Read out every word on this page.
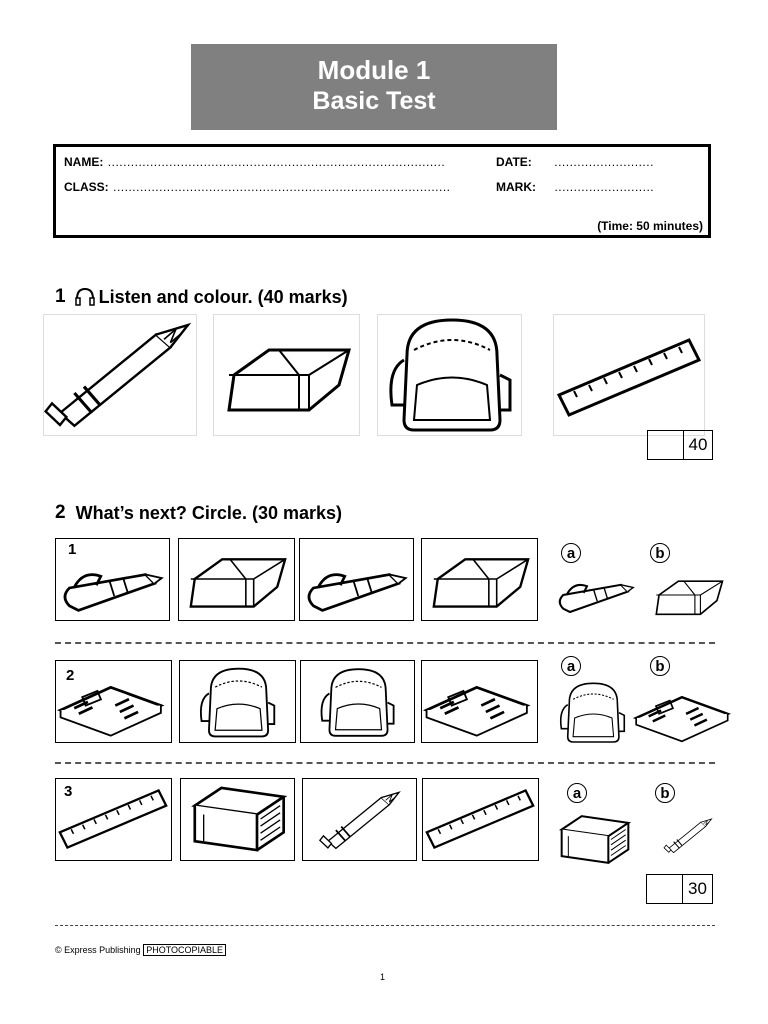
Module 1
Basic Test
NAME: ........................................................................................
CLASS: ........................................................................................
DATE: ..........................
MARK: ..........................
(Time: 50 minutes)
1 Listen and colour. (40 marks)
40
2 What’s next? Circle. (30 marks)
1	a	b
2
a	b
3	a	b
30
© Express Publishing PHOTOCOPIABLE
1
